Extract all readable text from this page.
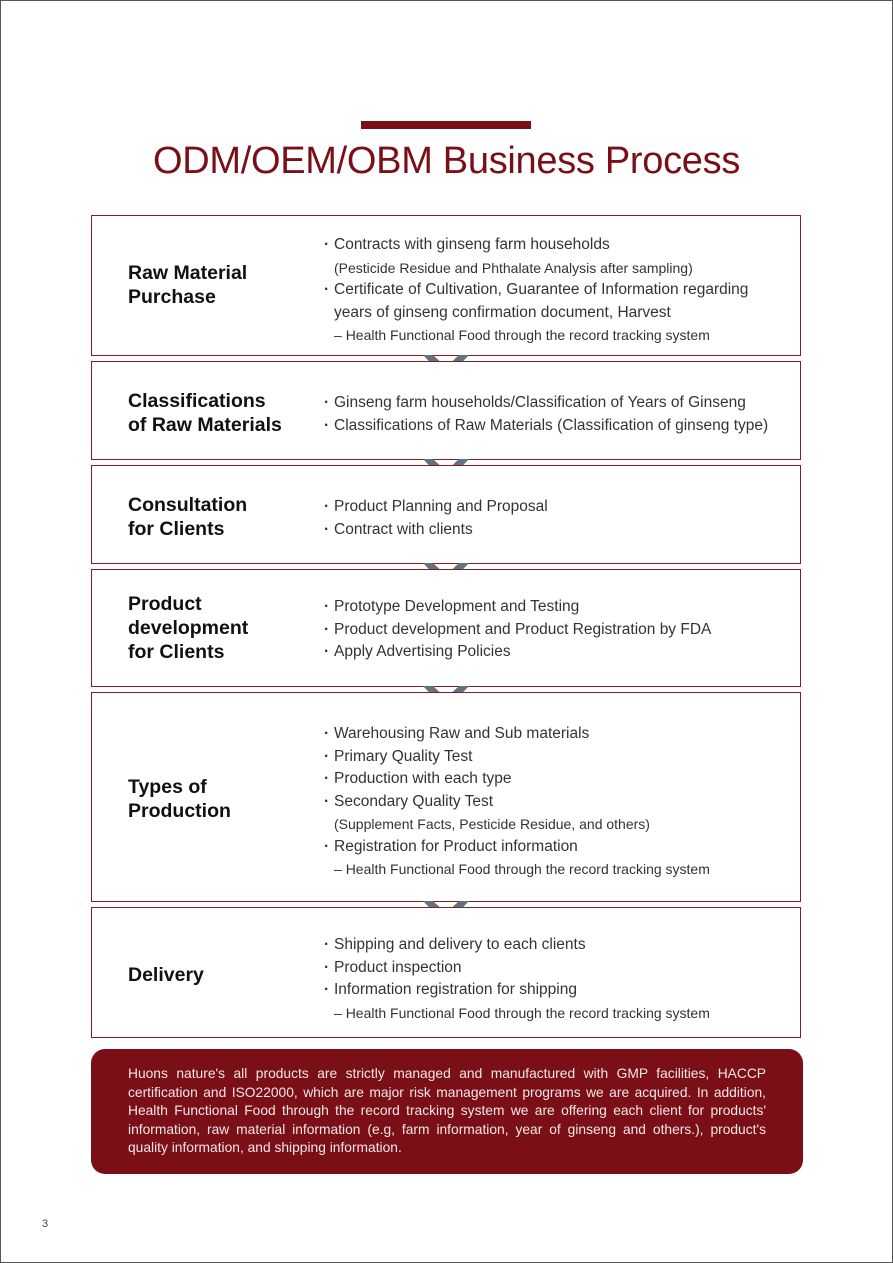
ODM/OEM/OBM Business Process
Raw Material
Purchase
· Contracts with ginseng farm households
(Pesticide Residue and Phthalate Analysis after sampling)
· Certificate of Cultivation, Guarantee of Information regarding
years of ginseng confirmation document, Harvest
– Health Functional Food through the record tracking system
Classifications
of Raw Materials
· Ginseng farm households/Classification of Years of Ginseng
· Classifications of Raw Materials (Classification of ginseng type)
Consultation
for Clients
· Product Planning and Proposal
· Contract with clients
Product
development
for Clients
· Prototype Development and Testing
· Product development and Product Registration by FDA
· Apply Advertising Policies
Types of
Production
· Warehousing Raw and Sub materials
· Primary Quality Test
· Production with each type
· Secondary Quality Test
(Supplement Facts, Pesticide Residue, and others)
· Registration for Product information
– Health Functional Food through the record tracking system
Delivery
· Shipping and delivery to each clients
· Product inspection
· Information registration for shipping
– Health Functional Food through the record tracking system
Huons nature's all products are strictly managed and manufactured with GMP facilities, HACCP certification and ISO22000, which are major risk management programs we are acquired. In addition, Health Functional Food through the record tracking system we are offering each client for products' information, raw material information (e.g, farm information, year of ginseng and others.), product's quality information, and shipping information.
3
